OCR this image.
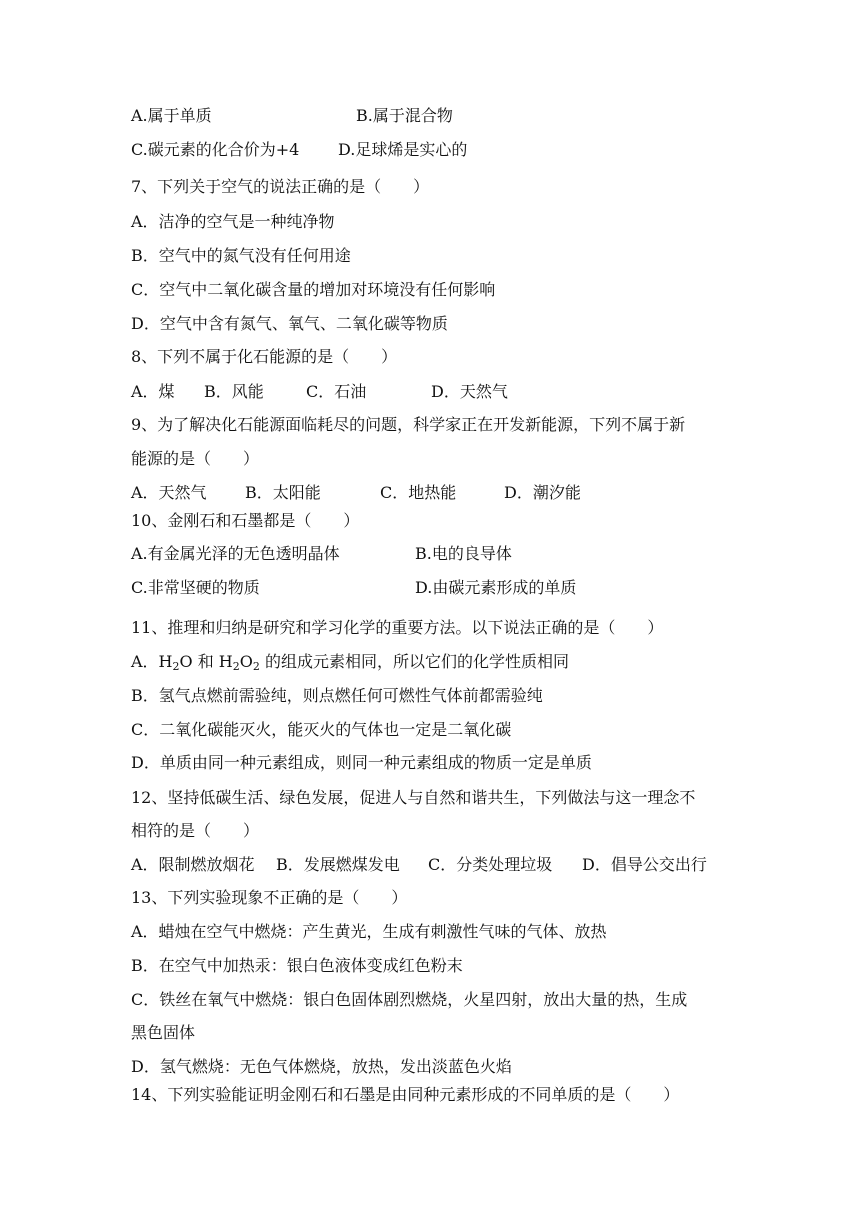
A.属于单质	B.属于混合物
C.碳元素的化合价为+4 D.足球烯是实心的
7、下列关于空气的说法正确的是（　　）
A．洁净的空气是一种纯净物
B．空气中的氮气没有任何用途
C．空气中二氧化碳含量的增加对环境没有任何影响
D．空气中含有氮气、氧气、二氧化碳等物质
8、下列不属于化石能源的是（　　）
A．煤 B．风能	C．石油	D．天然气
9、为了解决化石能源面临耗尽的问题，科学家正在开发新能源，下列不属于新
能源的是（　　）
A．天然气 B．太阳能	C．地热能	D．潮汐能
10、金刚石和石墨都是（　　）
A.有金属光泽的无色透明晶体	B.电的良导体
C.非常坚硬的物质	D.由碳元素形成的单质
11、推理和归纳是研究和学习化学的重要方法。以下说法正确的是（　　）
A．$H_2O$ 和 $H_2O_2$ 的组成元素相同，所以它们的化学性质相同
B．氢气点燃前需验纯，则点燃任何可燃性气体前都需验纯
C．二氧化碳能灭火，能灭火的气体也一定是二氧化碳
D．单质由同一种元素组成，则同一种元素组成的物质一定是单质
12、坚持低碳生活、绿色发展，促进人与自然和谐共生，下列做法与这一理念不
相符的是（　　）
A．限制燃放烟花 B．发展燃煤发电 C．分类处理垃圾 D．倡导公交出行
13、下列实验现象不正确的是（　　）
A．蜡烛在空气中燃烧：产生黄光，生成有刺激性气味的气体、放热
B．在空气中加热汞：银白色液体变成红色粉末
C．铁丝在氧气中燃烧：银白色固体剧烈燃烧，火星四射，放出大量的热，生成
黑色固体
D．氢气燃烧：无色气体燃烧，放热，发出淡蓝色火焰
14、下列实验能证明金刚石和石墨是由同种元素形成的不同单质的是（　　）
